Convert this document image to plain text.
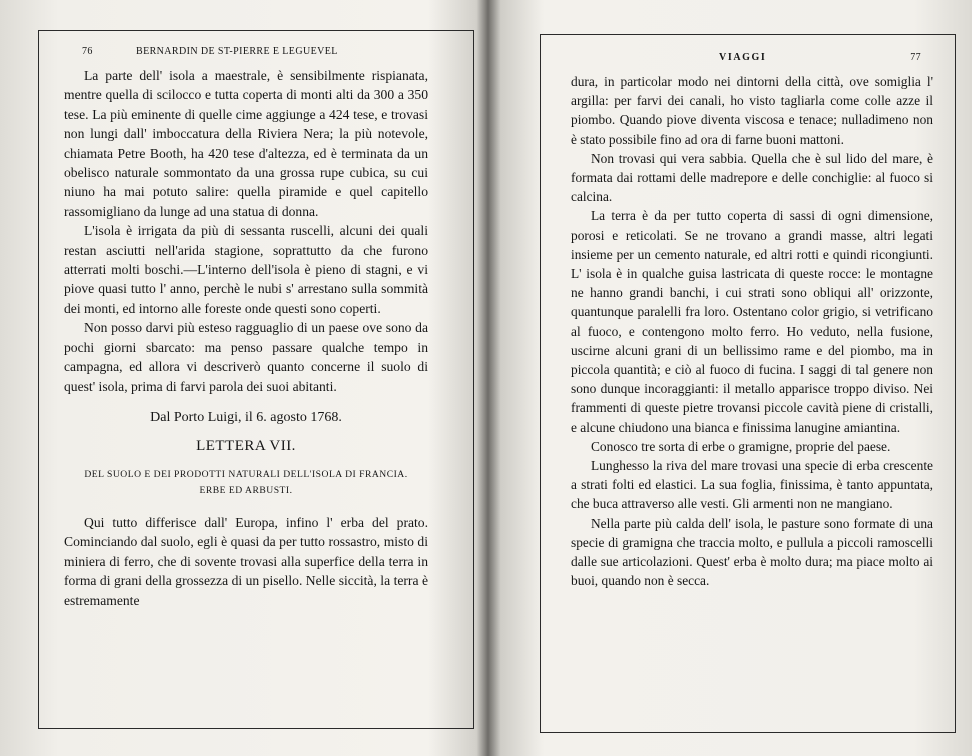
76	BERNARDIN DE ST-PIERRE E LEGUEVEL

La parte dell' isola a maestrale, è sensibilmente rispianata, mentre quella di scilocco e tutta coperta di monti alti da 300 a 350 tese. La più eminente di quelle cime aggiunge a 424 tese, e trovasi non lungi dall' imboccatura della Riviera Nera; la più notevole, chiamata Petre Booth, ha 420 tese d'altezza, ed è terminata da un obelisco naturale sommontato da una grossa rupe cubica, su cui niuno ha mai potuto salire: quella piramide e quel capitello rassomigliano da lunge ad una statua di donna.

L'isola è irrigata da più di sessanta ruscelli, alcuni dei quali restan asciutti nell'arida stagione, soprattutto da che furono atterrati molti boschi.—L'interno dell'isola è pieno di stagni, e vi piove quasi tutto l' anno, perchè le nubi s' arrestano sulla sommità dei monti, ed intorno alle foreste onde questi sono coperti.

Non posso darvi più esteso ragguaglio di un paese ove sono da pochi giorni sbarcato: ma penso passare qualche tempo in campagna, ed allora vi descriverò quanto concerne il suolo di quest' isola, prima di farvi parola dei suoi abitanti.

Dal Porto Luigi, il 6. agosto 1768.
LETTERA VII.
DEL SUOLO E DEI PRODOTTI NATURALI DELL'ISOLA DI FRANCIA.
ERBE ED ARBUSTI.

Qui tutto differisce dall' Europa, infino l' erba del prato. Cominciando dal suolo, egli è quasi da per tutto rossastro, misto di miniera di ferro, che di sovente trovasi alla superfice della terra in forma di grani della grossezza di un pisello. Nelle siccità, la terra è estremamente

VIAGGI	77

dura, in particolar modo nei dintorni della città, ove somiglia l' argilla: per farvi dei canali, ho visto tagliarla come colle azze il piombo. Quando piove diventa viscosa e tenace; nulladimeno non è stato possibile fino ad ora di farne buoni mattoni.

Non trovasi qui vera sabbia. Quella che è sul lido del mare, è formata dai rottami delle madrepore e delle conchiglie: al fuoco si calcina.

La terra è da per tutto coperta di sassi di ogni dimensione, porosi e reticolati. Se ne trovano a grandi masse, altri legati insieme per un cemento naturale, ed altri rotti e quindi ricongiunti. L' isola è in qualche guisa lastricata di queste rocce: le montagne ne hanno grandi banchi, i cui strati sono obliqui all' orizzonte, quantunque paralelli fra loro. Ostentano color grigio, si vetrificano al fuoco, e contengono molto ferro. Ho veduto, nella fusione, uscirne alcuni grani di un bellissimo rame e del piombo, ma in piccola quantità; e ciò al fuoco di fucina. I saggi di tal genere non sono dunque incoraggianti: il metallo apparisce troppo diviso. Nei frammenti di queste pietre trovansi piccole cavità piene di cristalli, e alcune chiudono una bianca e finissima lanugine amiantina.

Conosco tre sorta di erbe o gramigne, proprie del paese.

Lunghesso la riva del mare trovasi una specie di erba crescente a strati folti ed elastici. La sua foglia, finissima, è tanto appuntata, che buca attraverso alle vesti. Gli armenti non ne mangiano.

Nella parte più calda dell' isola, le pasture sono formate di una specie di gramigna che traccia molto, e pullula a piccoli ramoscelli dalle sue articolazioni. Quest' erba è molto dura; ma piace molto ai buoi, quando non è secca.
